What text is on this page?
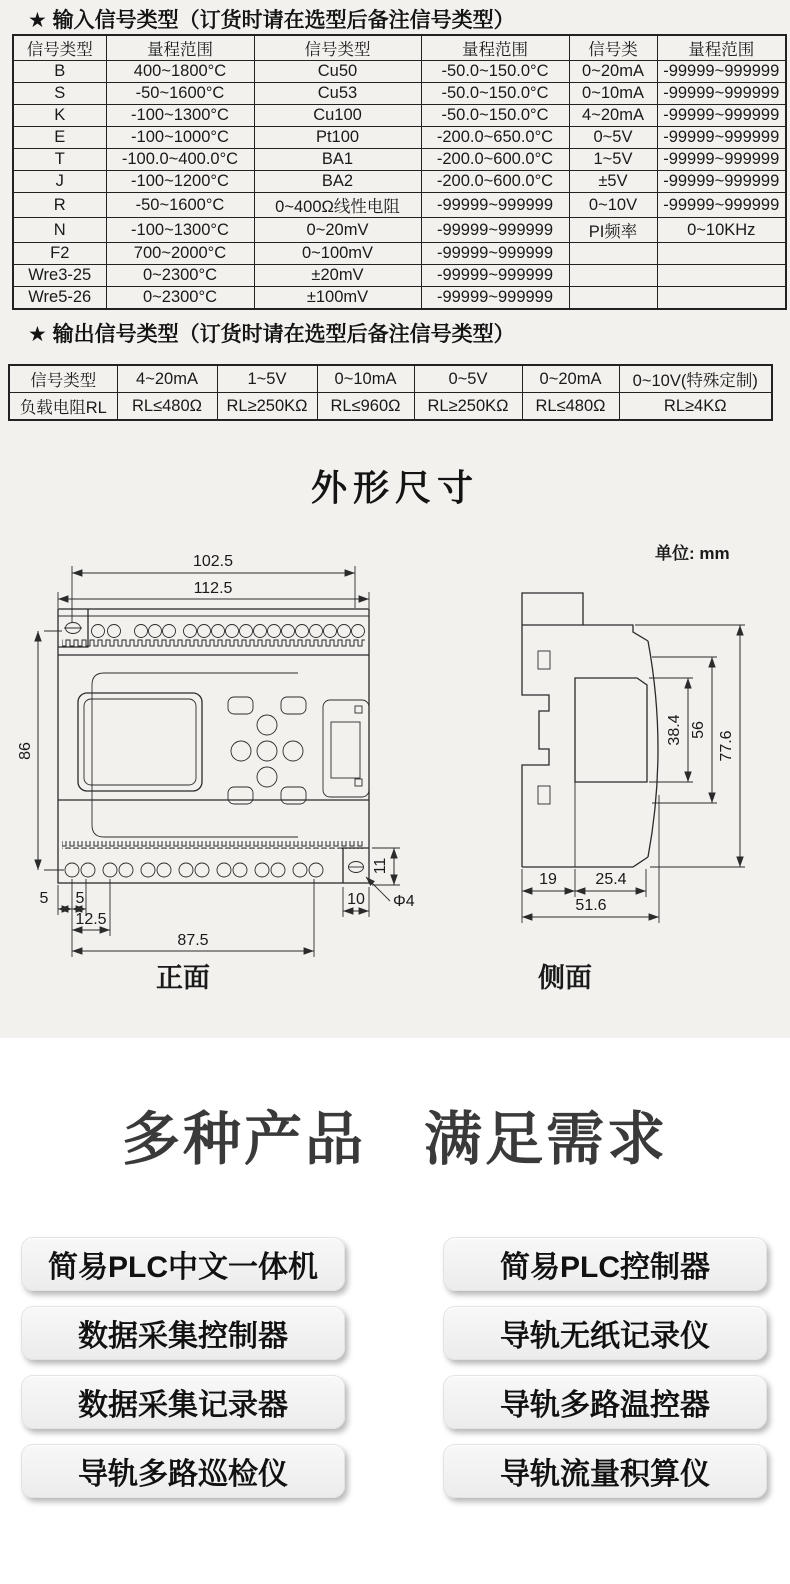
★ 输入信号类型（订货时请在选型后备注信号类型）
信号类型	量程范围	信号类型	量程范围	信号类	量程范围
B	400~1800°C	Cu50	-50.0~150.0°C	0~20mA	-99999~999999
S	-50~1600°C	Cu53	-50.0~150.0°C	0~10mA	-99999~999999
K	-100~1300°C	Cu100	-50.0~150.0°C	4~20mA	-99999~999999
E	-100~1000°C	Pt100	-200.0~650.0°C	0~5V	-99999~999999
T	-100.0~400.0°C	BA1	-200.0~600.0°C	1~5V	-99999~999999
J	-100~1200°C	BA2	-200.0~600.0°C	±5V	-99999~999999
R	-50~1600°C	0~400Ω线性电阻	-99999~999999	0~10V	-99999~999999
N	-100~1300°C	0~20mV	-99999~999999	PI频率	0~10KHz
F2	700~2000°C	0~100mV	-99999~999999		
Wre3-25	0~2300°C	±20mV	-99999~999999		
Wre5-26	0~2300°C	±100mV	-99999~999999		
★ 输出信号类型（订货时请在选型后备注信号类型）
信号类型	4~20mA	1~5V	0~10mA	0~5V	0~20mA	0~10V(特殊定制)
负载电阻RL	RL≤480Ω	RL≥250KΩ	RL≤960Ω	RL≥250KΩ	RL≤480Ω	RL≥4KΩ
外形尺寸
单位: mm
102.5
112.5
86
5 5
12.5
87.5
10
11
Φ4
正面
38.4 56
77.6
19 25.4
51.6
侧面
多种产品 满足需求
简易PLC中文一体机	简易PLC控制器
数据采集控制器	导轨无纸记录仪
数据采集记录器	导轨多路温控器
导轨多路巡检仪	导轨流量积算仪
